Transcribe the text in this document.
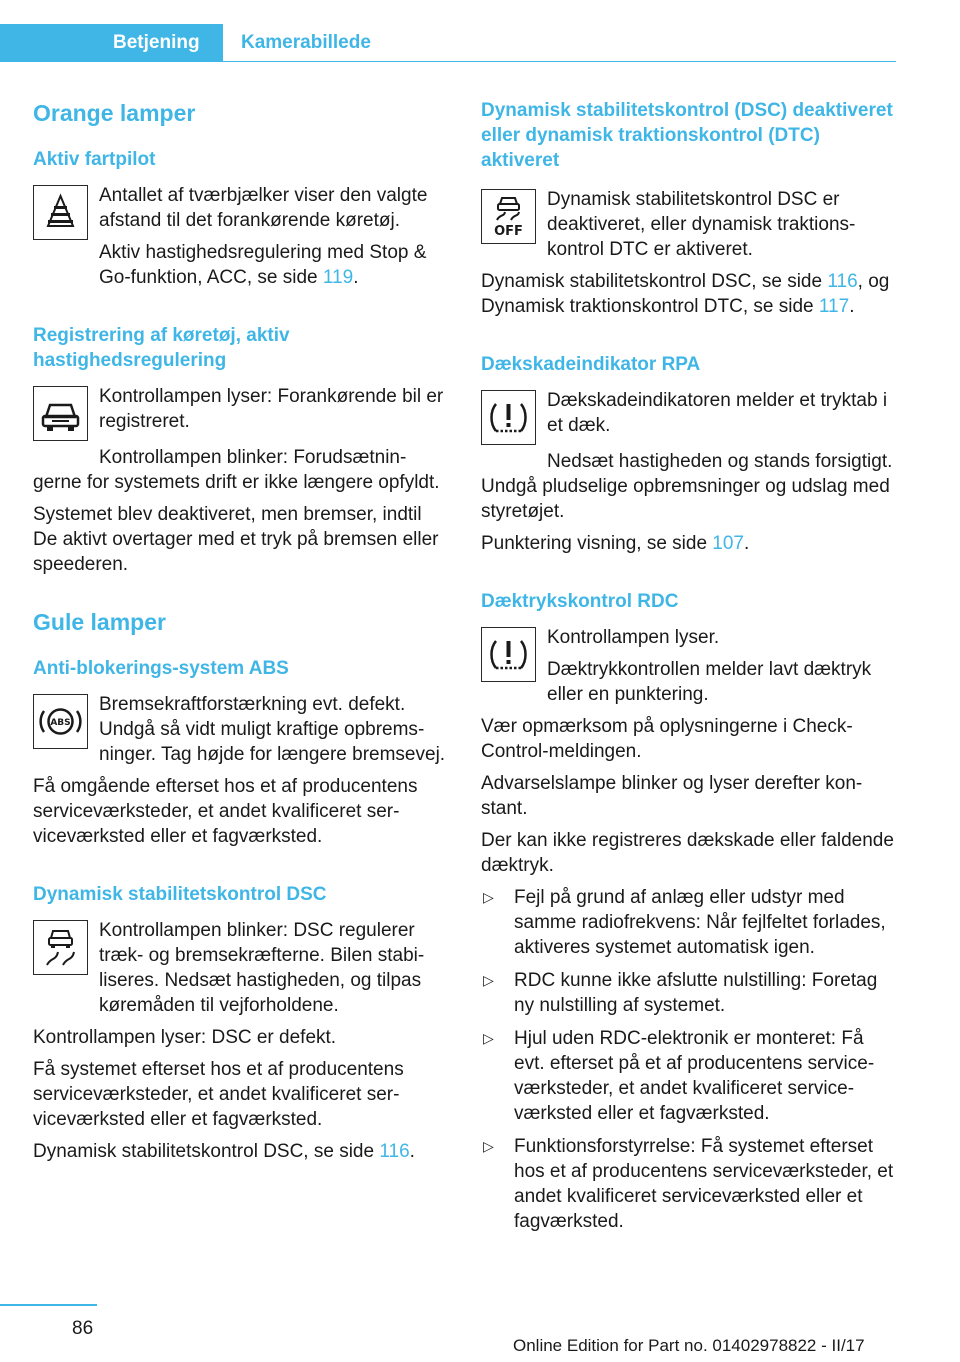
Betjening	Kamerabillede
Orange lamper
Aktiv fartpilot

Antallet af tværbjælker viser den valgte afstand til det forankørende køretøj.

Aktiv hastighedsregulering med Stop & Go-funktion, ACC, se side 119.

Registrering af køretøj, aktiv hastighedsregulering

Kontrollampen lyser: Forankørende bil er registreret.

Kontrollampen blinker: Forudsætningerne for systemets drift er ikke længere opfyldt.

Systemet blev deaktiveret, men bremser, indtil De aktivt overtager med et tryk på bremsen eller speederen.

Gule lamper
Anti-blokerings-system ABS
ABS

Bremsekraftforstærkning evt. defekt. Undgå så vidt muligt kraftige opbremsninger. Tag højde for længere bremsevej.

Få omgående efterset hos et af producentens serviceværksteder, et andet kvalificeret serviceværksted eller et fagværksted.

Dynamisk stabilitetskontrol DSC

Kontrollampen blinker: DSC regulerer træk- og bremsekræfterne. Bilen stabiliseres. Nedsæt hastigheden, og tilpas køremåden til vejforholdene.

Kontrollampen lyser: DSC er defekt.

Få systemet efterset hos et af producentens serviceværksteder, et andet kvalificeret serviceværksted eller et fagværksted.

Dynamisk stabilitetskontrol DSC, se side 116.

Dynamisk stabilitetskontrol (DSC) deaktiveret eller dynamisk traktionskontrol (DTC) aktiveret
OFF

Dynamisk stabilitetskontrol DSC er deaktiveret, eller dynamisk traktionskontrol DTC er aktiveret.

Dynamisk stabilitetskontrol DSC, se side 116, og Dynamisk traktionskontrol DTC, se side 117.

Dækskadeindikator RPA

Dækskadeindikatoren melder et tryktab i et dæk.

Nedsæt hastigheden og stands forsigtigt. Undgå pludselige opbremsninger og udslag med styretøjet.

Punktering visning, se side 107.

Dæktrykskontrol RDC

Kontrollampen lyser.

Dæktrykkontrollen melder lavt dæktryk eller en punktering.

Vær opmærksom på oplysningerne i Check-Control-meldingen.

Advarselslampe blinker og lyser derefter konstant.

Der kan ikke registreres dækskade eller faldende dæktryk.

▷ Fejl på grund af anlæg eller udstyr med samme radiofrekvens: Når fejlfeltet forlades, aktiveres systemet automatisk igen.
▷ RDC kunne ikke afslutte nulstilling: Foretag ny nulstilling af systemet.
▷ Hjul uden RDC-elektronik er monteret: Få evt. efterset på et af producentens serviceværksteder, et andet kvalificeret serviceværksted eller et fagværksted.
▷ Funktionsforstyrrelse: Få systemet efterset hos et af producentens serviceværksteder, et andet kvalificeret serviceværksted eller et fagværksted.
86
Online Edition for Part no. 01402978822 - II/17
